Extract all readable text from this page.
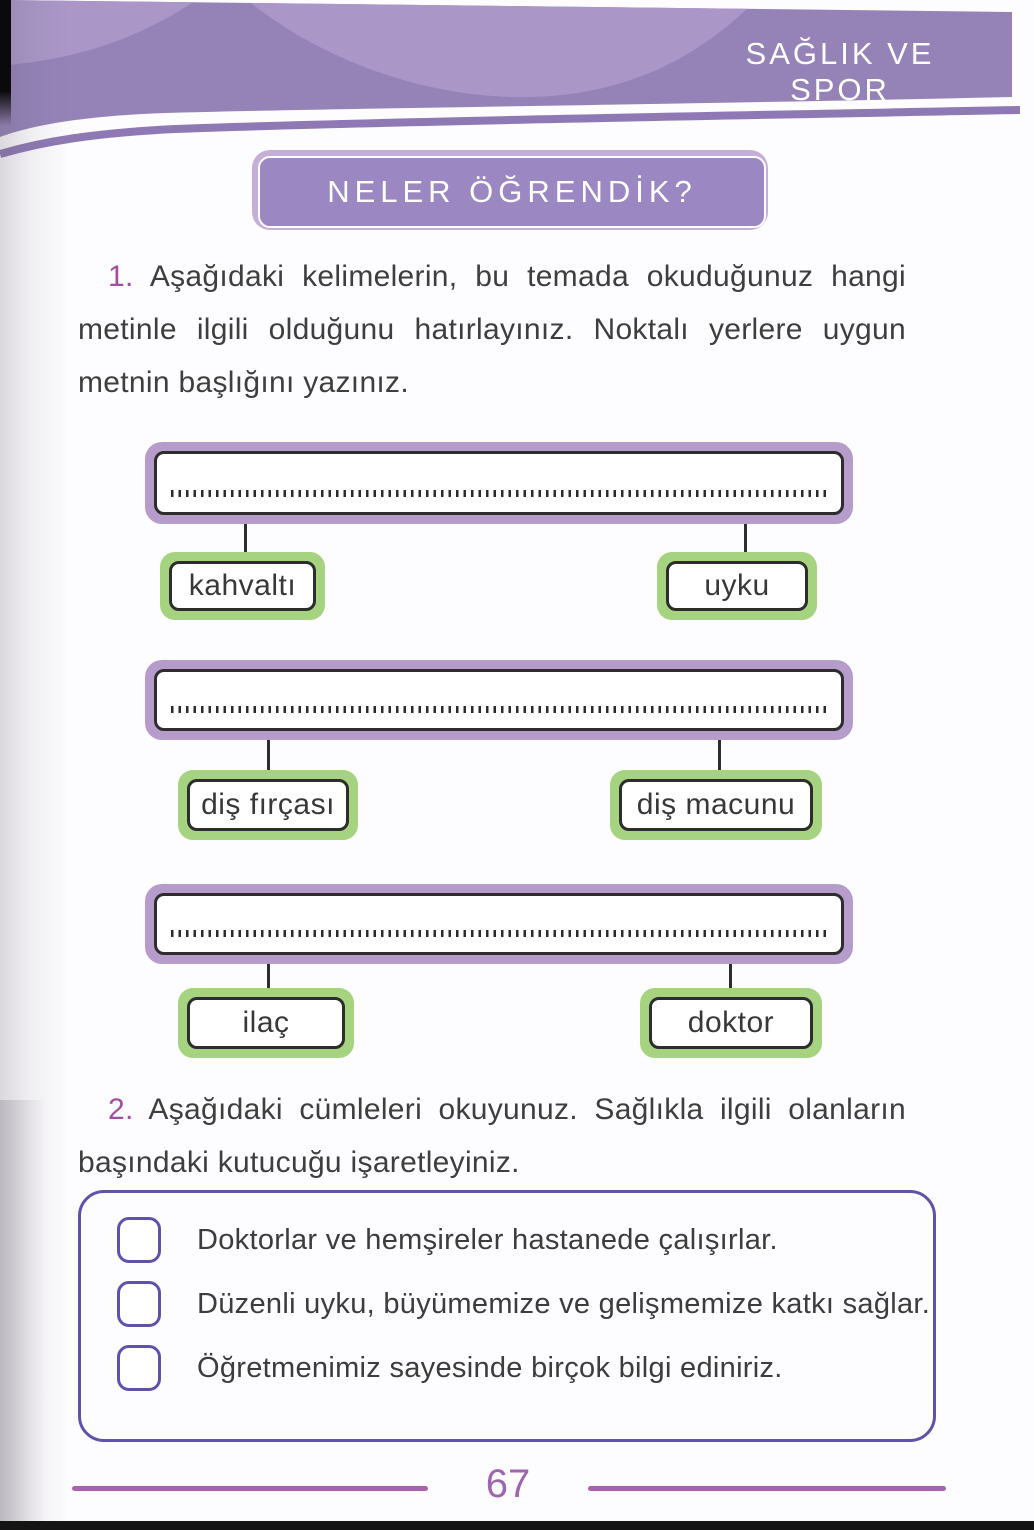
SAĞLIK VE SPOR
NELER ÖĞRENDİK?
1. Aşağıdaki kelimelerin, bu temada okuduğunuz hangi
metinle ilgili olduğunu hatırlayınız. Noktalı yerlere uygun
metnin başlığını yazınız.
kahvaltı	uyku
diş fırçası	diş macunu
ilaç	doktor
2. Aşağıdaki cümleleri okuyunuz. Sağlıkla ilgili olanların
başındaki kutucuğu işaretleyiniz.
Doktorlar ve hemşireler hastanede çalışırlar.
Düzenli uyku, büyümemize ve gelişmemize katkı sağlar.
Öğretmenimiz sayesinde birçok bilgi ediniriz.
67
